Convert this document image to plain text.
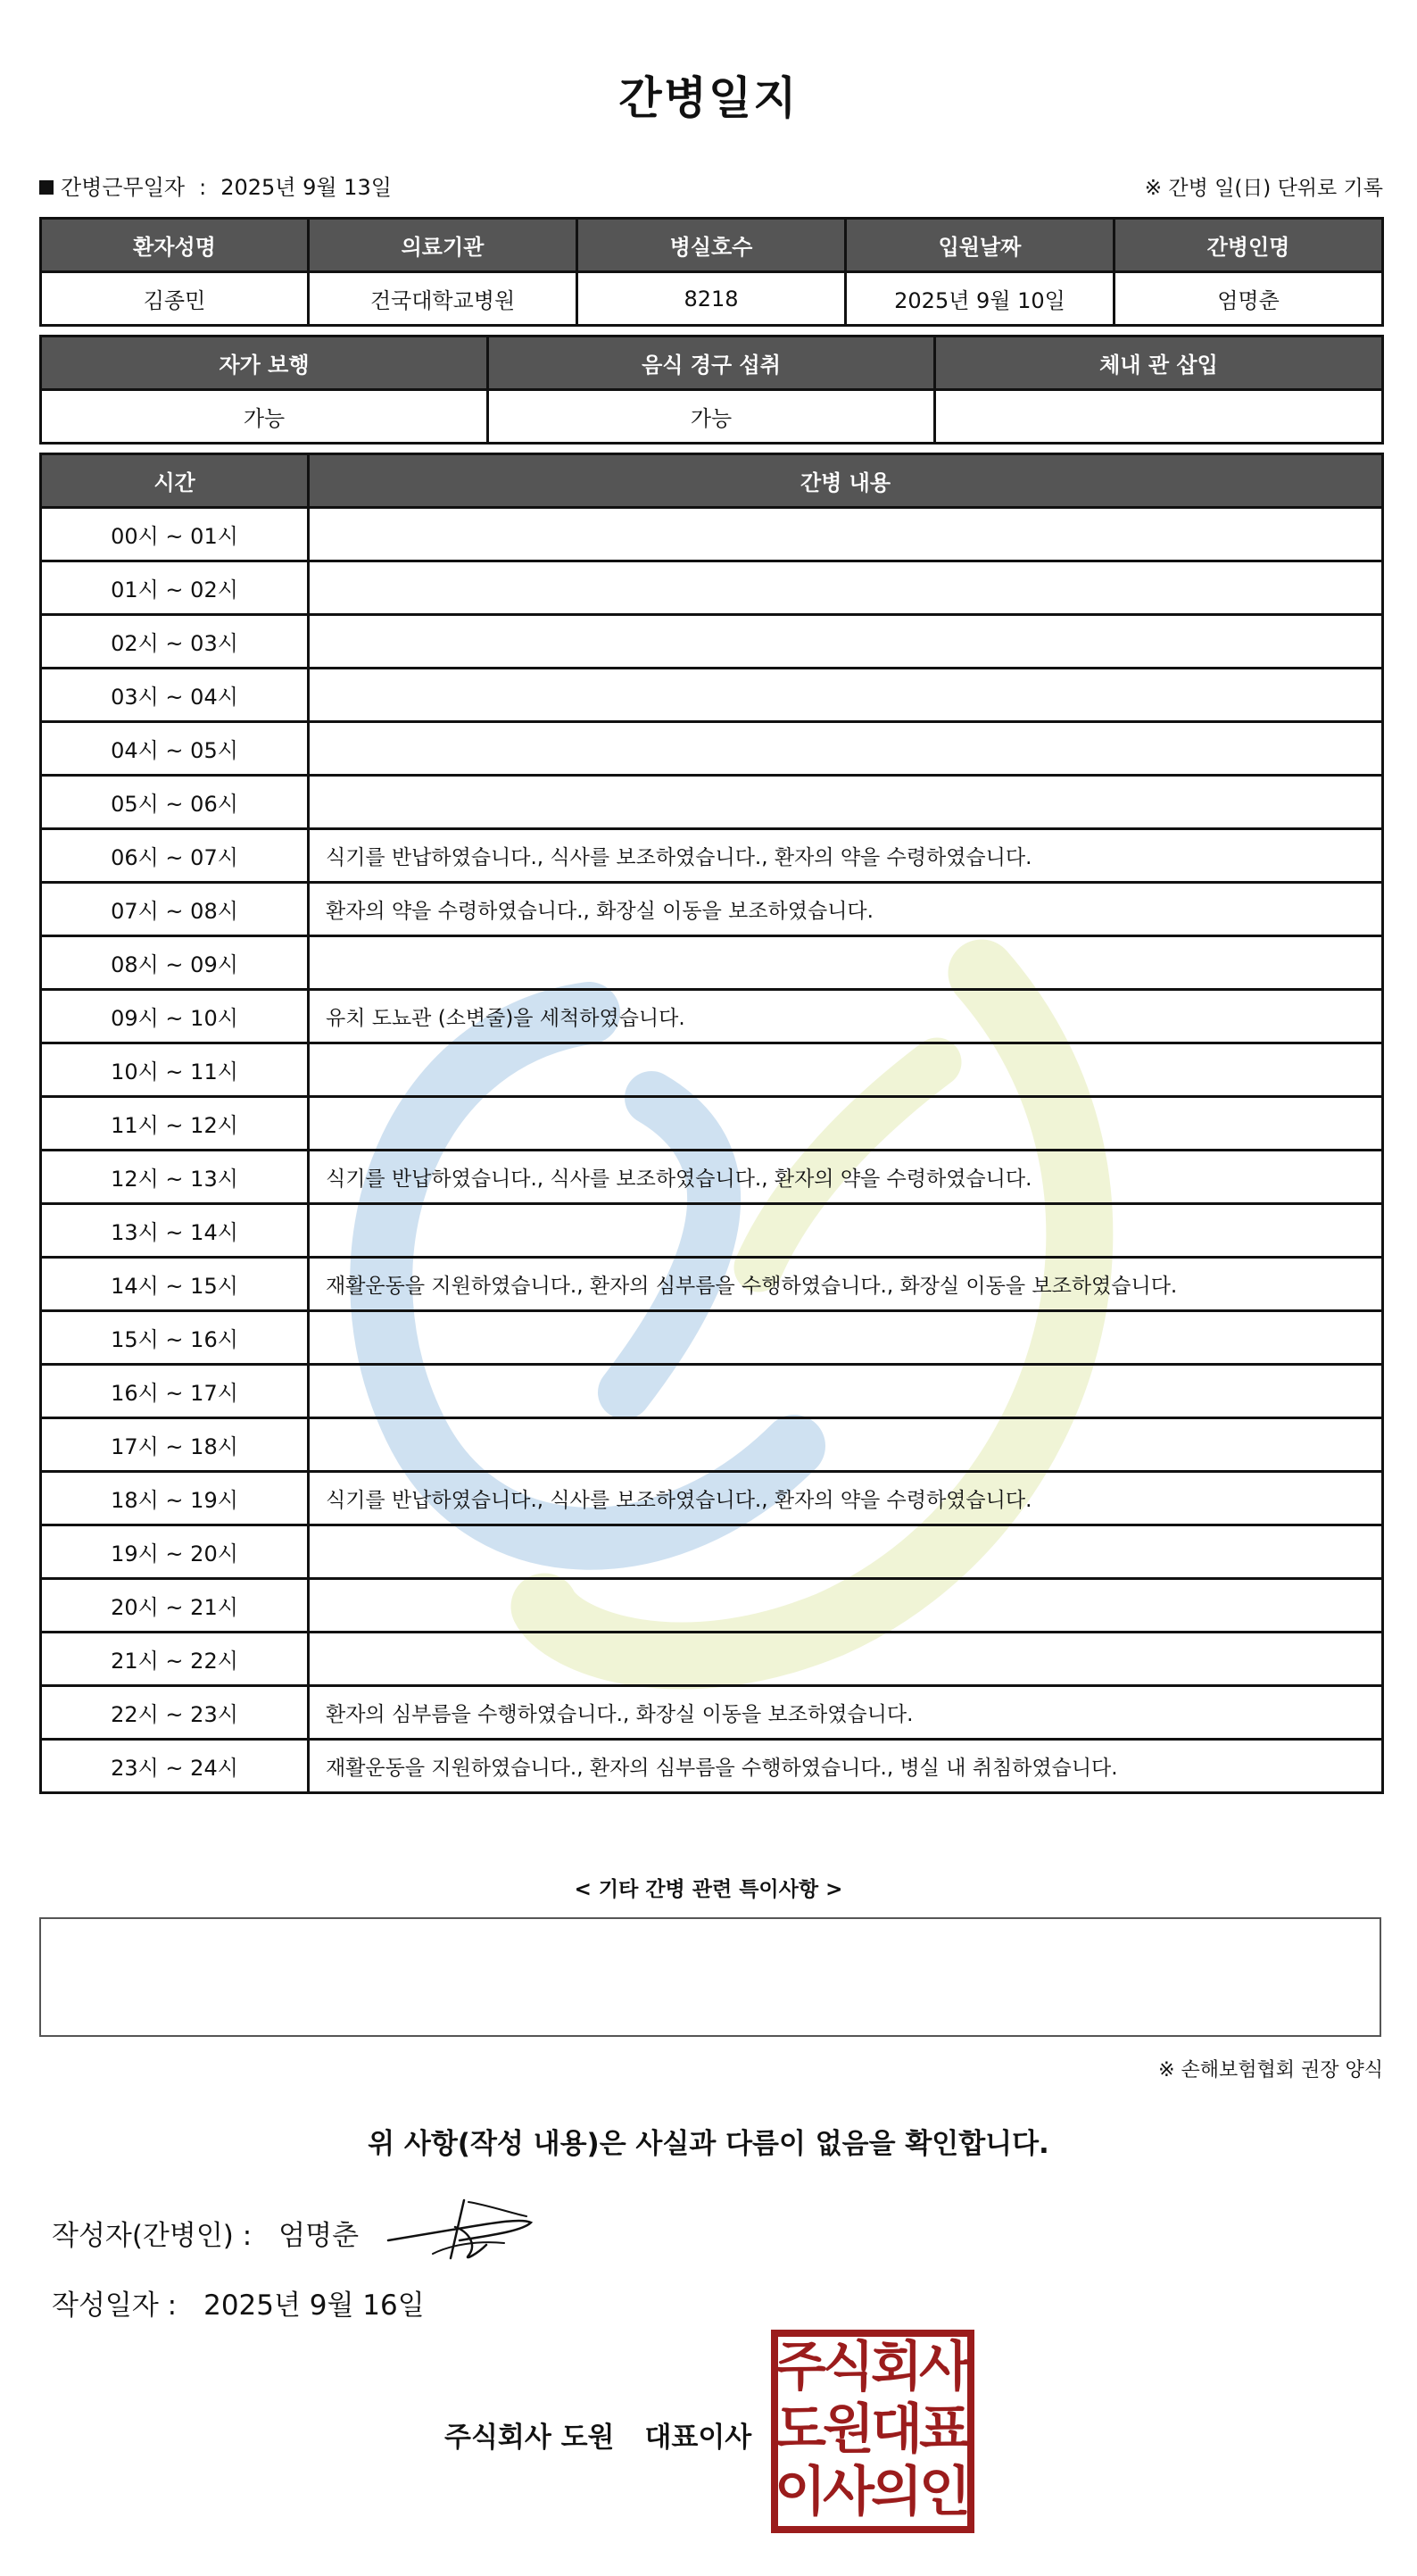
간병일지
간병근무일자 : 2025년 9월 13일	※ 간병 일(日) 단위로 기록
환자성명	의료기관	병실호수	입원날짜	간병인명
김종민	건국대학교병원	8218	2025년 9월 10일	엄명춘
자가 보행	음식 경구 섭취	체내 관 삽입
가능	가능	
시간	간병 내용
00시 ~ 01시	
01시 ~ 02시	
02시 ~ 03시	
03시 ~ 04시	
04시 ~ 05시	
05시 ~ 06시	
06시 ~ 07시	식기를 반납하였습니다., 식사를 보조하였습니다., 환자의 약을 수령하였습니다.
07시 ~ 08시	환자의 약을 수령하였습니다., 화장실 이동을 보조하였습니다.
08시 ~ 09시	
09시 ~ 10시	유치 도뇨관 (소변줄)을 세척하였습니다.
10시 ~ 11시	
11시 ~ 12시	
12시 ~ 13시	식기를 반납하였습니다., 식사를 보조하였습니다., 환자의 약을 수령하였습니다.
13시 ~ 14시	
14시 ~ 15시	재활운동을 지원하였습니다., 환자의 심부름을 수행하였습니다., 화장실 이동을 보조하였습니다.
15시 ~ 16시	
16시 ~ 17시	
17시 ~ 18시	
18시 ~ 19시	식기를 반납하였습니다., 식사를 보조하였습니다., 환자의 약을 수령하였습니다.
19시 ~ 20시	
20시 ~ 21시	
21시 ~ 22시	
22시 ~ 23시	환자의 심부름을 수행하였습니다., 화장실 이동을 보조하였습니다.
23시 ~ 24시	재활운동을 지원하였습니다., 환자의 심부름을 수행하였습니다., 병실 내 취침하였습니다.
< 기타 간병 관련 특이사항 >
※ 손해보험협회 권장 양식
위 사항(작성 내용)은 사실과 다름이 없음을 확인합니다.
작성자(간병인) : 엄명춘
작성일자 : 2025년 9월 16일
주식회사 도원 대표이사
주
식
회
사
도
원
대
표
이
사
의
인
